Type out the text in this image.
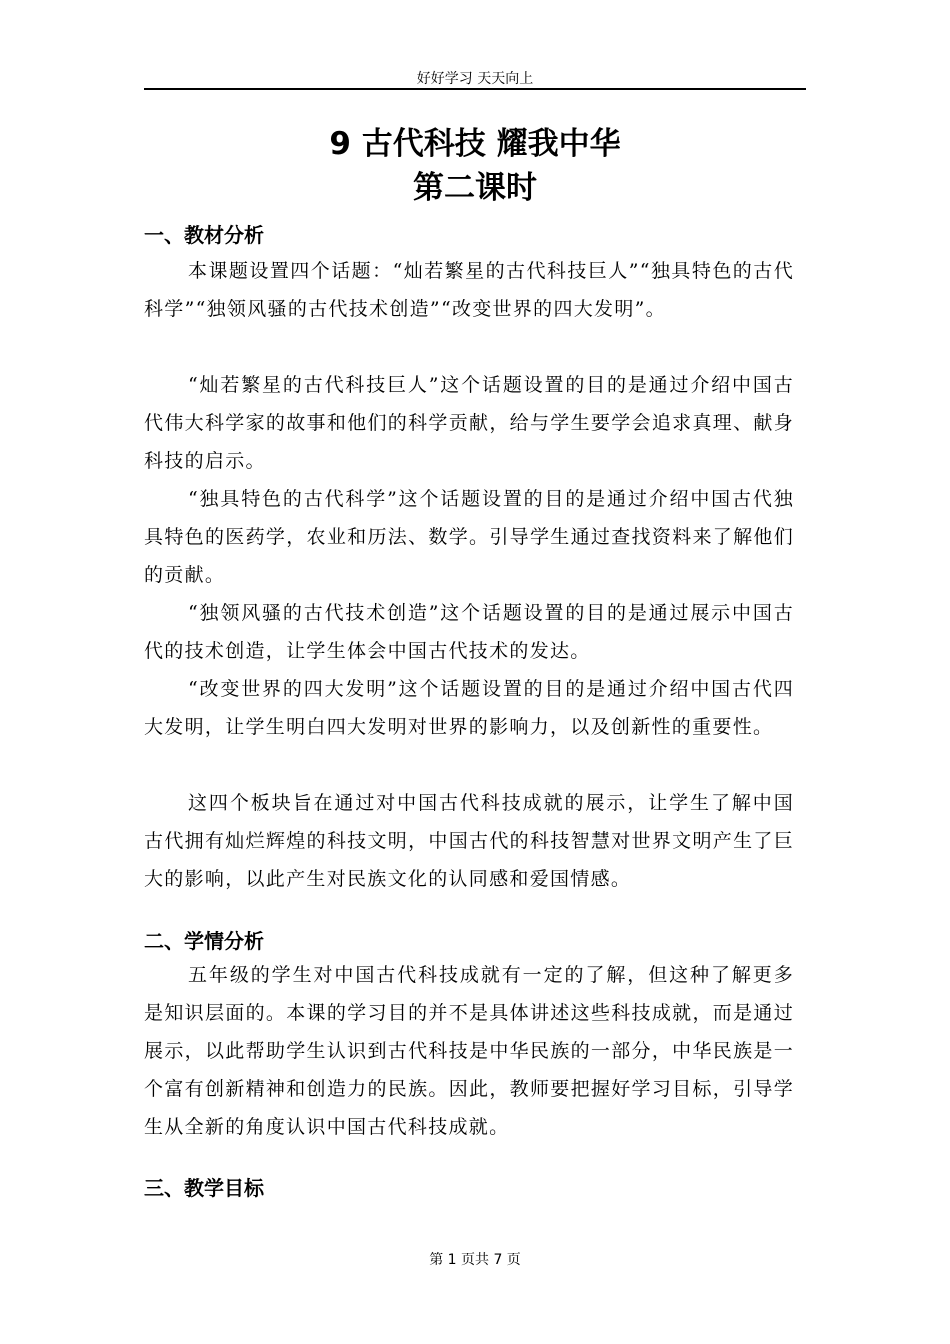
好好学习 天天向上
9 古代科技 耀我中华
第二课时
一、教材分析
本课题设置四个话题：“灿若繁星的古代科技巨人”“独具特色的古代科学”“独领风骚的古代技术创造”“改变世界的四大发明”。
“灿若繁星的古代科技巨人”这个话题设置的目的是通过介绍中国古代伟大科学家的故事和他们的科学贡献，给与学生要学会追求真理、献身科技的启示。
“独具特色的古代科学”这个话题设置的目的是通过介绍中国古代独具特色的医药学，农业和历法、数学。引导学生通过查找资料来了解他们的贡献。
“独领风骚的古代技术创造”这个话题设置的目的是通过展示中国古代的技术创造，让学生体会中国古代技术的发达。
“改变世界的四大发明”这个话题设置的目的是通过介绍中国古代四大发明，让学生明白四大发明对世界的影响力，以及创新性的重要性。
这四个板块旨在通过对中国古代科技成就的展示，让学生了解中国古代拥有灿烂辉煌的科技文明，中国古代的科技智慧对世界文明产生了巨大的影响，以此产生对民族文化的认同感和爱国情感。
二、学情分析
五年级的学生对中国古代科技成就有一定的了解，但这种了解更多是知识层面的。本课的学习目的并不是具体讲述这些科技成就，而是通过展示，以此帮助学生认识到古代科技是中华民族的一部分，中华民族是一个富有创新精神和创造力的民族。因此，教师要把握好学习目标，引导学生从全新的角度认识中国古代科技成就。
三、教学目标
第 1 页共 7 页
